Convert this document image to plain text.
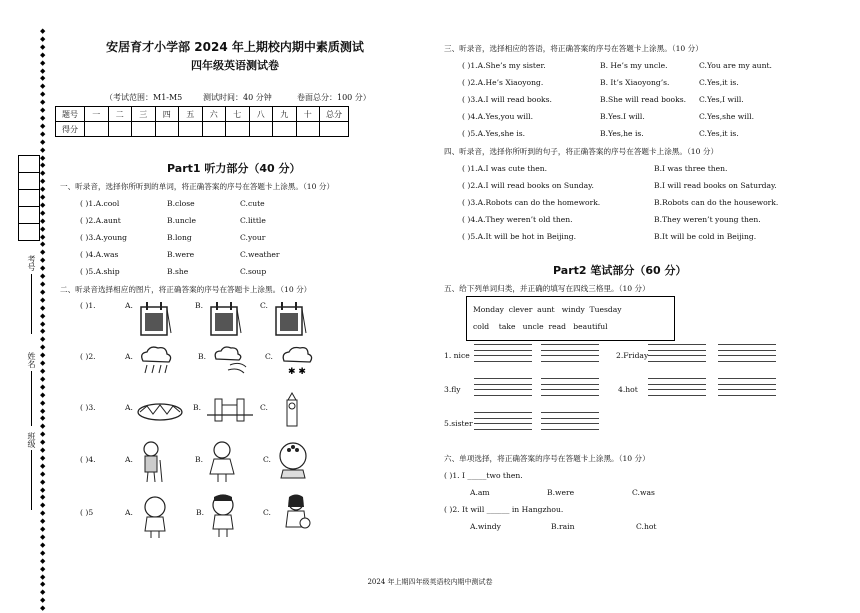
◆
◆
◆
◆
◆
◆
◆
◆
◆
◆
◆
◆
◆
◆
◆
◆
◆
◆
◆
◆
◆
◆
◆
◆
◆
◆
◆
◆
◆
◆
◆
◆
◆
◆
◆
◆
◆
◆
◆
◆
◆
◆
◆
◆
◆
◆
◆
◆
◆
◆
◆
◆
◆
◆
◆
◆
◆
◆
◆
◆
◆
◆
◆
◆
◆
◆
◆
◆
◆
◆
◆
◆
◆
◆

考号
姓名
班级
安居育才小学部 2024 年上期校内期中素质测试
四年级英语测试卷
（考试范围：M1-M5	测试时间：40 分钟	卷面总分：100 分）
题号	一	二	三	四	五	六	七	八	九	十	总分
得分											
Part1 听力部分（40 分）
一、听录音，选择你所听到的单词，将正确答案的序号在答题卡上涂黑。（10 分）
( )1.A.cool	B.close	C.cute
( )2.A.aunt	B.uncle	C.little
( )3.A.young	B.long	C.your
( )4.A.was	B.were	C.weather
( )5.A.ship	B.she	C.soup
二、听录音选择相应的图片，将正确答案的序号在答题卡上涂黑。（10 分）
( )1.	A.	B.	C.
( )2.	A.	B.	C.
✱ ✱
( )3.	A.	B.	C.
( )4.	A.	B.	C.
( )5	A.	B.	C.
三、听录音，选择相应的答语，将正确答案的序号在答题卡上涂黑。（10 分）
( )1.A.She’s my sister.	B. He’s my uncle.	C.You are my aunt.
( )2.A.He’s Xiaoyong.	B. It’s Xiaoyong’s.	C.Yes,it is.
( )3.A.I will read books.	B.She will read books. C.Yes,I will.
( )4.A.Yes,you will.	B.Yes.I will.	C.Yes,she will.
( )5.A.Yes,she is.	B.Yes,he is.	C.Yes,it is.
四、听录音，选择你所听到的句子，将正确答案的序号在答题卡上涂黑。（10 分）
( )1.A.I was cute then.	B.I was three then.
( )2.A.I will read books on Sunday.	B.I will read books on Saturday.
( )3.A.Robots can do the homework.	B.Robots can do the housework.
( )4.A.They weren’t old then.	B.They weren’t young then.
( )5.A.It will be hot in Beijing.	B.It will be cold in Beijing.
Part2 笔试部分（60 分）
五、给下列单词归类，并正确的填写在四线三格里。（10 分）
Monday  clever  aunt   windy  Tuesday
cold    take   uncle  read   beautiful
1. nice	2.Friday
3.fly	4.hot
5.sister
六、单项选择，将正确答案的序号在答题卡上涂黑。（10 分）
( )1. I _____two then.
A.am	B.were	C.was
( )2. It will ______ in Hangzhou.
A.windy	B.rain	C.hot
2024 年上期四年级英语校内期中测试卷
